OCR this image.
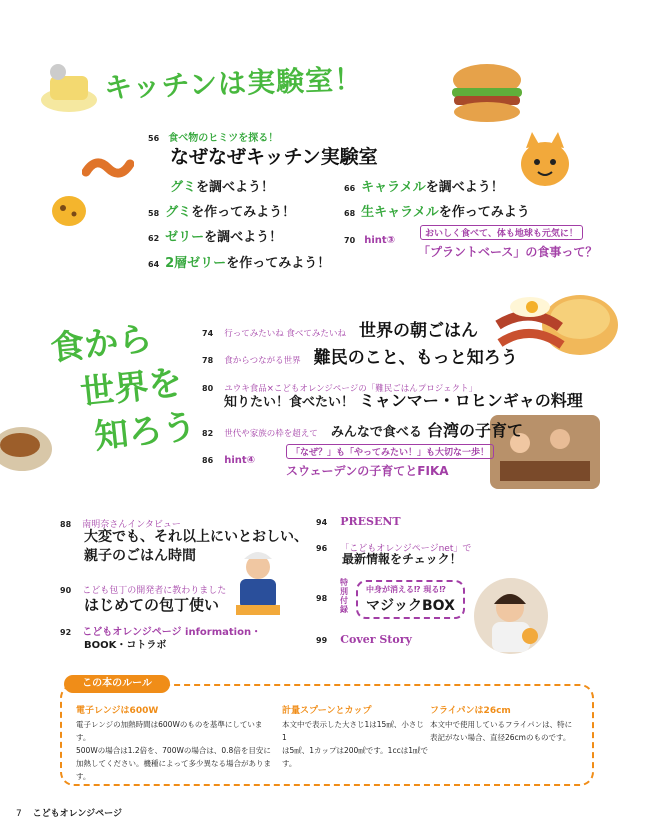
キッチンは実験室！
56 食べ物のヒミツを探る！
なぜなぜキッチン実験室
グミを調べよう！
58 グミを作ってみよう！
62 ゼリーを調べよう！
64 2層ゼリーを作ってみよう！
66 キャラメルを調べよう！
68 生キャラメルを作ってみよう
70 hint③
おいしく食べて、体も地球も元気に！
「プラントベース」の食事って？
食から
世界を
知ろう
74 行ってみたいね 食べてみたいね 世界の朝ごはん
78 食からつながる世界 難民のこと、もっと知ろう
80 ユウキ食品×こどもオレンジページの「難民ごはんプロジェクト」
知りたい！食べたい！ ミャンマー・ロヒンギャの料理
82 世代や家族の枠を超えて みんなで食べる 台湾の子育て
86 hint④
「なぜ？」も「やってみたい！」も大切な一歩！
スウェーデンの子育てとFIKA
88 南明奈さんインタビュー
大変でも、それ以上にいとおしい、
親子のごはん時間
90 こども包丁の開発者に教わりました
はじめての包丁使い
92 こどもオレンジページ information・
BOOK・コトラボ
94 PRESENT
96 「こどもオレンジページnet」で
最新情報をチェック！
98
特別付録
中身が消える⁉ 現る⁉
マジックBOX
99 Cover Story
この本のルール
電子レンジは600W
電子レンジの加熱時間は600Wのものを基準にしています。
500Wの場合は1.2倍を、700Wの場合は、0.8倍を目安に
加熱してください。機種によって多少異なる場合があります。
計量スプーンとカップ
本文中で表示した大さじ1は15㎖、小さじ1
は5㎖、1カップは200㎖です。1ccは1㎖です。
フライパンは26cm
本文中で使用しているフライパンは、特に
表記がない場合、直径26cmのものです。
7 こどもオレンジページ
